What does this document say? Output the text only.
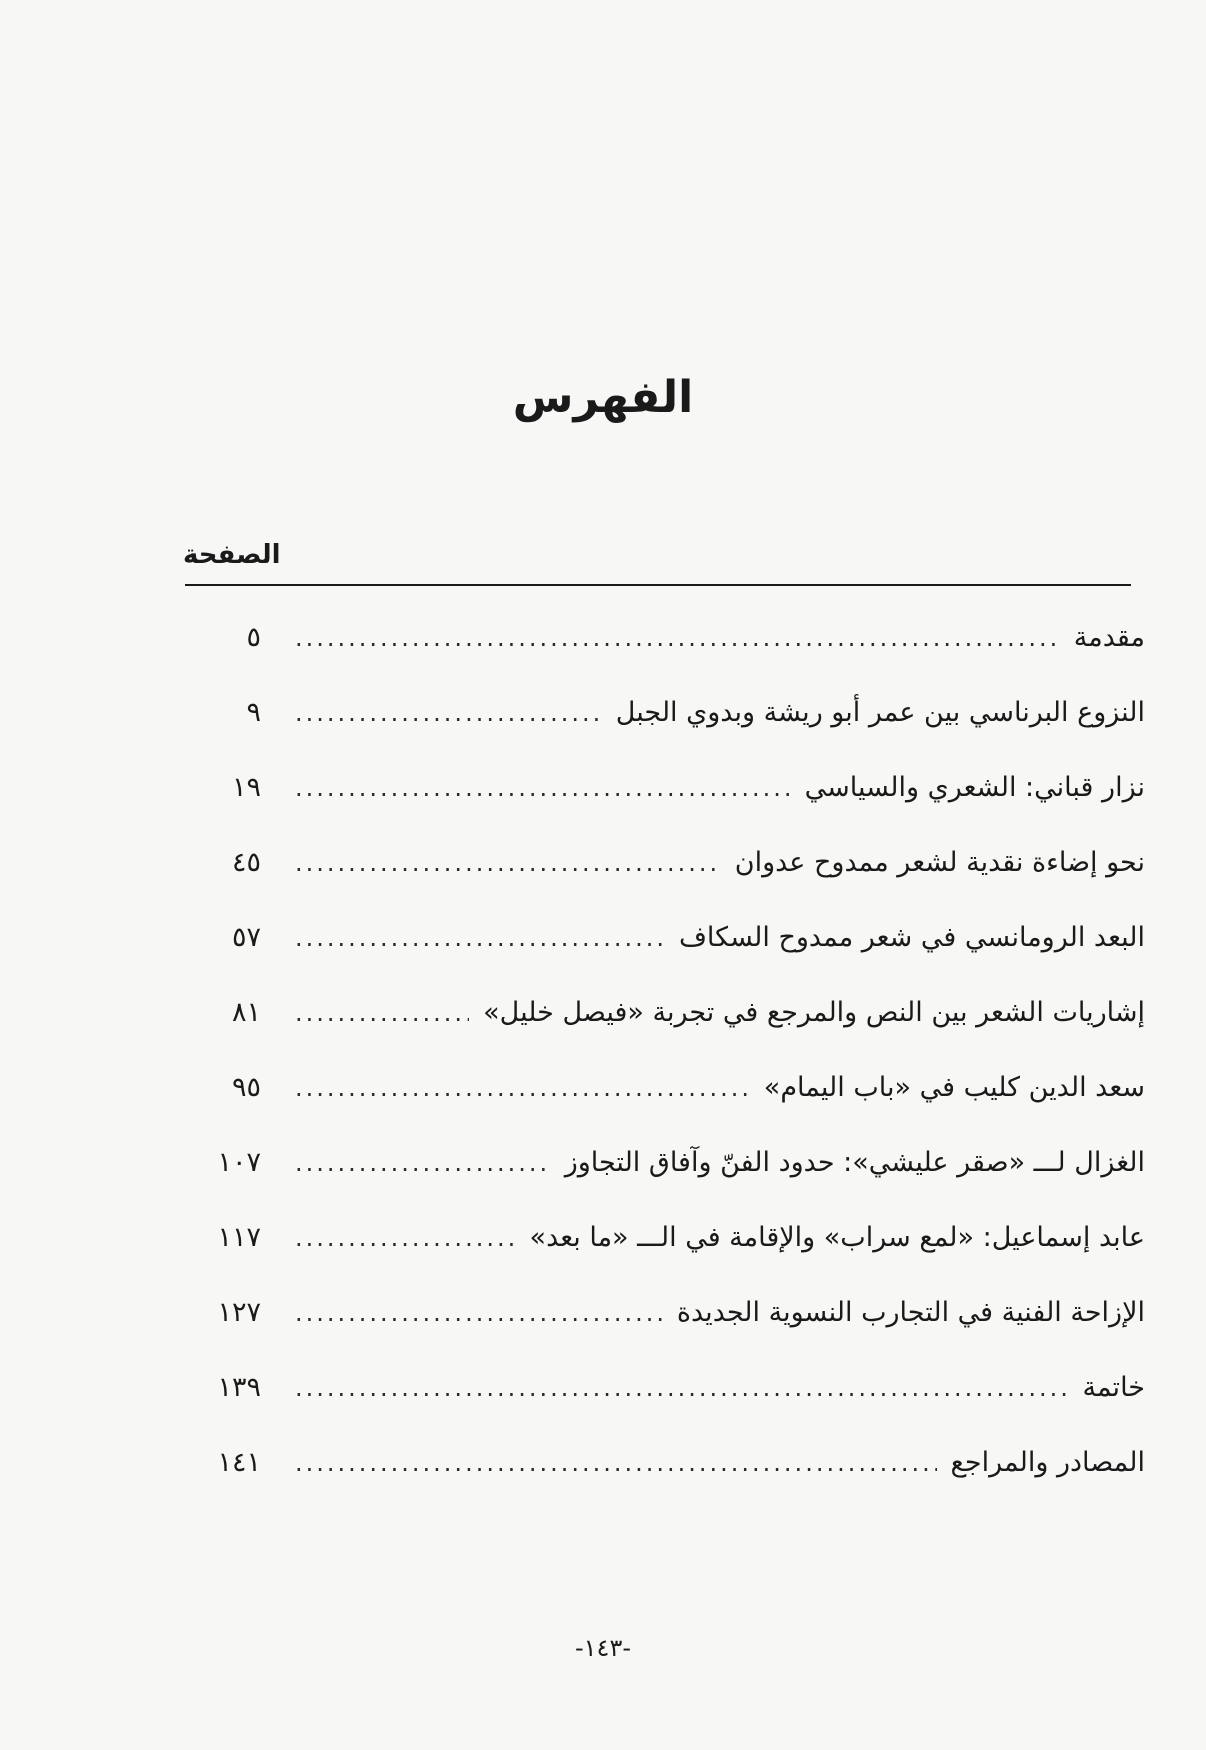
الفهرس
الصفحة
مقدمة
.....
٥
النزوع البرناسي بين عمر أبو ريشة وبدوي الجبل
.....
٩
نزار قباني: الشعري والسياسي
.....
١٩
نحو إضاءة نقدية لشعر ممدوح عدوان
.....
٤٥
البعد الرومانسي في شعر ممدوح السكاف
.....
٥٧
إشاريات الشعر بين النص والمرجع في تجربة «فيصل خليل»
.....
٨١
سعد الدين كليب في «باب اليمام»
.....
٩٥
الغزال لـــ «صقر عليشي»: حدود الفنّ وآفاق التجاوز
.....
١٠٧
عابد إسماعيل: «لمع سراب» والإقامة في الـــ «ما بعد»
.....
١١٧
الإزاحة الفنية في التجارب النسوية الجديدة
.....
١٢٧
خاتمة
.....
١٣٩
المصادر والمراجع
.....
١٤١
-١٤٣-
